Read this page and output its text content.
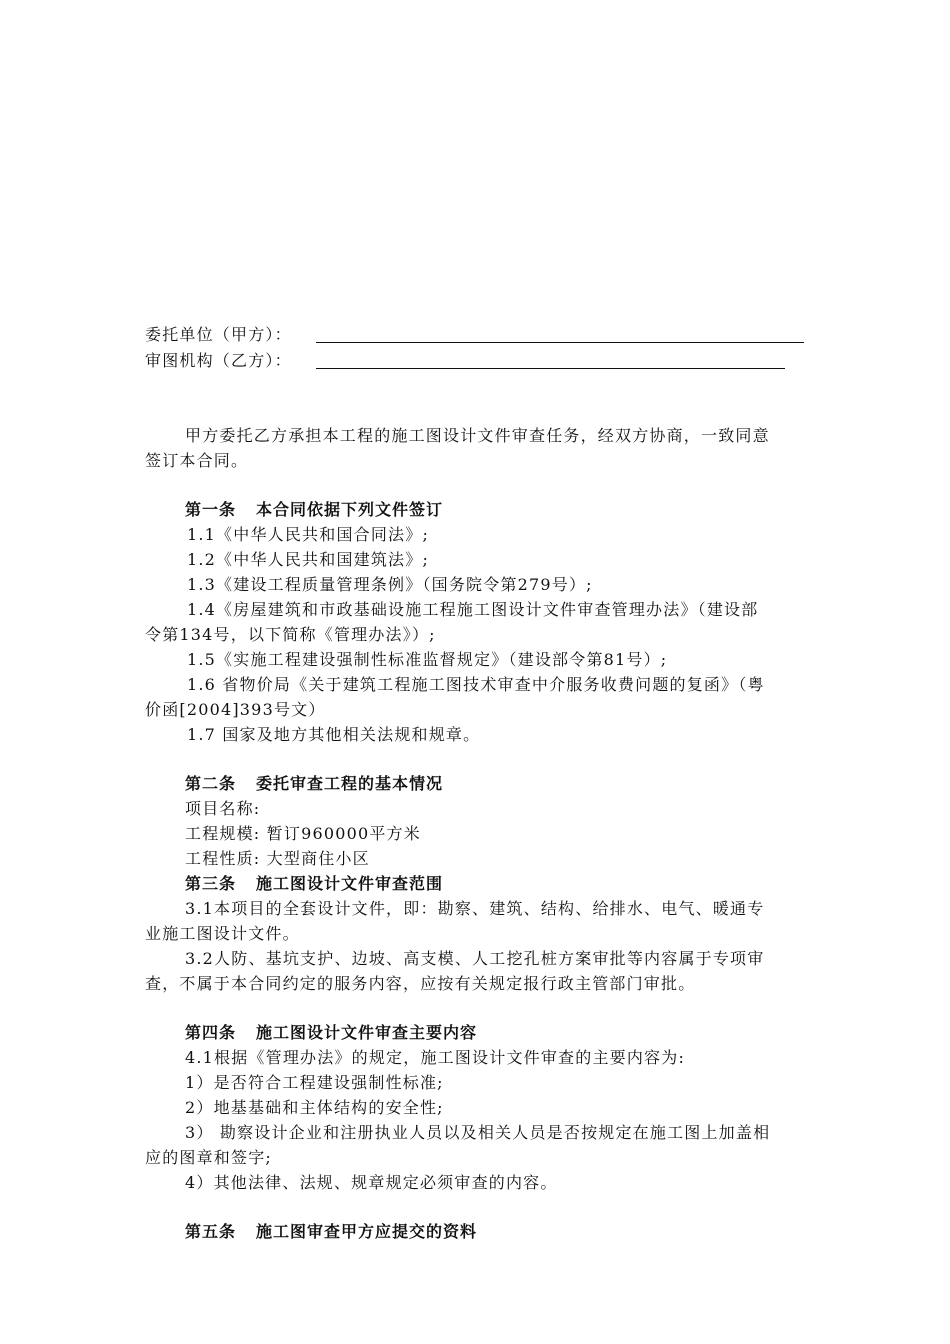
委托单位（甲方）：
审图机构（乙方）：
甲方委托乙方承担本工程的施工图设计文件审查任务，经双方协商，一致同意
签订本合同。
第一条 本合同依据下列文件签订
1.1《中华人民共和国合同法》;
1.2《中华人民共和国建筑法》;
1.3《建设工程质量管理条例》（国务院令第279号）;
1.4《房屋建筑和市政基础设施工程施工图设计文件审查管理办法》（建设部
令第134号，以下简称《管理办法》）;
1.5《实施工程建设强制性标准监督规定》（建设部令第81号）;
1.6 省物价局《关于建筑工程施工图技术审查中介服务收费问题的复函》（粤
价函[2004]393号文）
1.7 国家及地方其他相关法规和规章。
第二条 委托审查工程的基本情况
项目名称:
工程规模: 暂订960000平方米
工程性质: 大型商住小区
第三条 施工图设计文件审查范围
3.1本项目的全套设计文件，即：勘察、建筑、结构、给排水、电气、暖通专
业施工图设计文件。
3.2人防、基坑支护、边坡、高支模、人工挖孔桩方案审批等内容属于专项审
查，不属于本合同约定的服务内容，应按有关规定报行政主管部门审批。
第四条 施工图设计文件审查主要内容
4.1根据《管理办法》的规定，施工图设计文件审查的主要内容为:
1）是否符合工程建设强制性标准;
2）地基基础和主体结构的安全性;
3） 勘察设计企业和注册执业人员以及相关人员是否按规定在施工图上加盖相
应的图章和签字;
4）其他法律、法规、规章规定必须审查的内容。
第五条 施工图审查甲方应提交的资料
